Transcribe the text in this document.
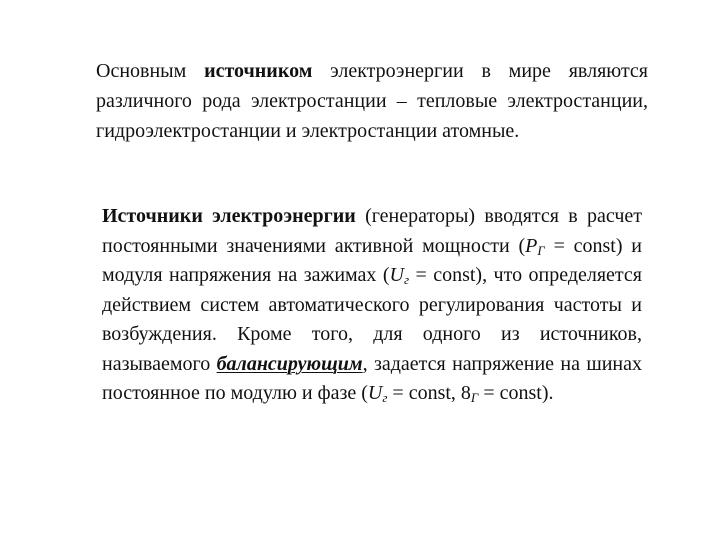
Основным источником электроэнергии в мире являются различного рода электростанции – тепловые электростанции, гидроэлектростанции и электростанции атомные.
Источники электроэнергии (генераторы) вводятся в расчет постоянными значениями активной мощности ($P_Г$ = const) и модуля напряжения на зажимах ($U_г$ = const), что определяется действием систем автоматического регулирования частоты и возбуждения. Кроме того, для одного из источников, называемого балансирующим, задается напряжение на шинах постоянное по модулю и фазе ($U_г$ = const, $8_Г$ = const).
